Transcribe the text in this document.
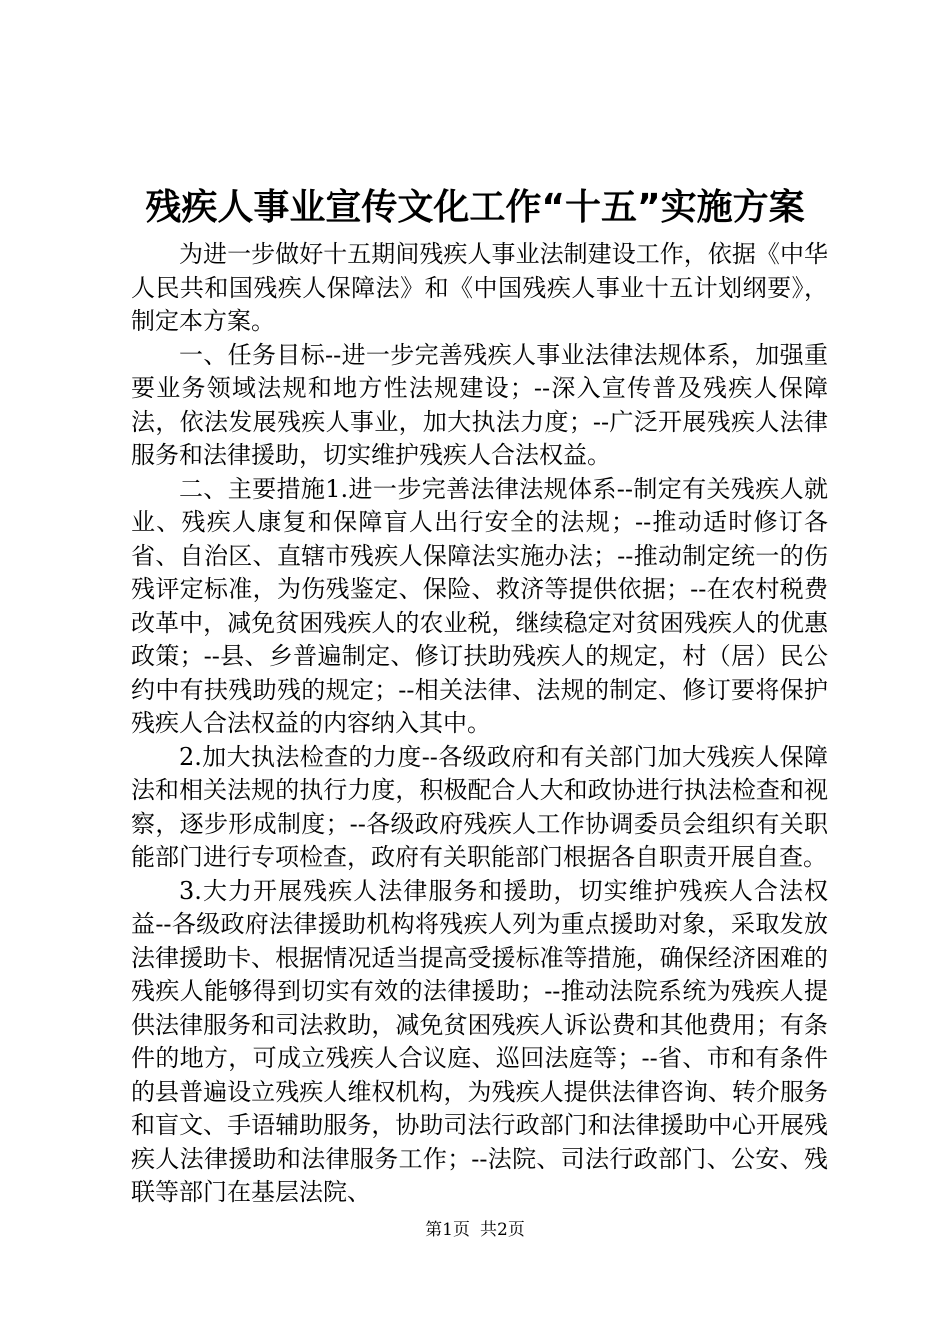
残疾人事业宣传文化工作“十五”实施方案

为进一步做好十五期间残疾人事业法制建设工作，依据《中华人民共和国残疾人保障法》和《中国残疾人事业十五计划纲要》，制定本方案。

一、任务目标--进一步完善残疾人事业法律法规体系，加强重要业务领域法规和地方性法规建设；--深入宣传普及残疾人保障法，依法发展残疾人事业，加大执法力度；--广泛开展残疾人法律服务和法律援助，切实维护残疾人合法权益。

二、主要措施1.进一步完善法律法规体系--制定有关残疾人就业、残疾人康复和保障盲人出行安全的法规；--推动适时修订各省、自治区、直辖市残疾人保障法实施办法；--推动制定统一的伤残评定标准，为伤残鉴定、保险、救济等提供依据；--在农村税费改革中，减免贫困残疾人的农业税，继续稳定对贫困残疾人的优惠政策；--县、乡普遍制定、修订扶助残疾人的规定，村（居）民公约中有扶残助残的规定；--相关法律、法规的制定、修订要将保护残疾人合法权益的内容纳入其中。

2.加大执法检查的力度--各级政府和有关部门加大残疾人保障法和相关法规的执行力度，积极配合人大和政协进行执法检查和视察，逐步形成制度；--各级政府残疾人工作协调委员会组织有关职能部门进行专项检查，政府有关职能部门根据各自职责开展自查。

3.大力开展残疾人法律服务和援助，切实维护残疾人合法权益--各级政府法律援助机构将残疾人列为重点援助对象，采取发放法律援助卡、根据情况适当提高受援标准等措施，确保经济困难的残疾人能够得到切实有效的法律援助；--推动法院系统为残疾人提供法律服务和司法救助，减免贫困残疾人诉讼费和其他费用；有条件的地方，可成立残疾人合议庭、巡回法庭等；--省、市和有条件的县普遍设立残疾人维权机构，为残疾人提供法律咨询、转介服务和盲文、手语辅助服务，协助司法行政部门和法律援助中心开展残疾人法律援助和法律服务工作；--法院、司法行政部门、公安、残联等部门在基层法院、

第1页 共2页
